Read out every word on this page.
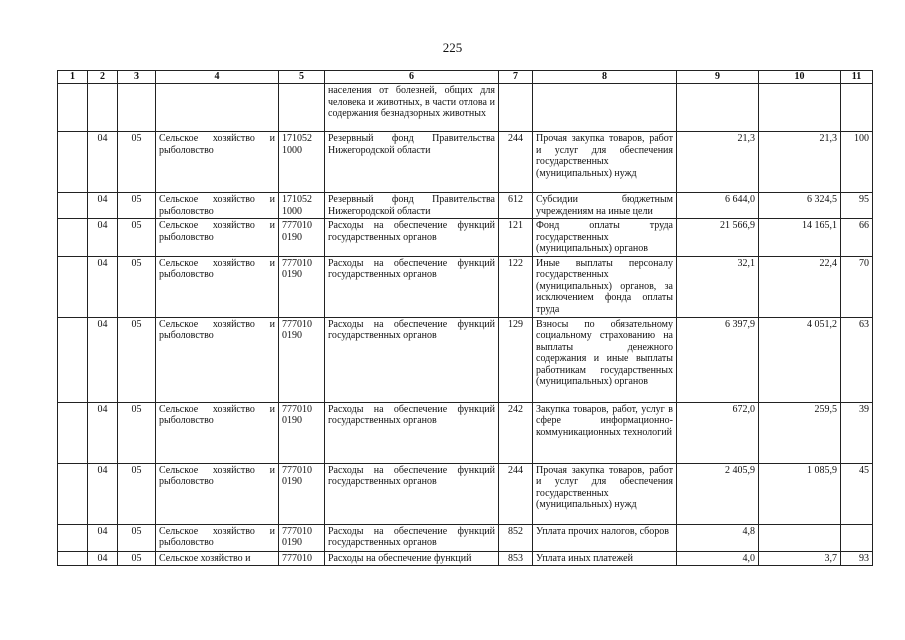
225
1	2	3	4	5	6	7	8	9	10	11
					населения от болезней, общих для человека и животных, в части отлова и содержания безнадзорных животных					
	04	05	Сельское хозяйство и рыболовство	171052 1000	Резервный фонд Правительства Нижегородской области	244	Прочая закупка товаров, работ и услуг для обеспечения государственных (муниципальных) нужд	21,3	21,3	100
	04	05	Сельское хозяйство и рыболовство	171052 1000	Резервный фонд Правительства Нижегородской области	612	Субсидии бюджетным учреждениям на иные цели	6 644,0	6 324,5	95
	04	05	Сельское хозяйство и рыболовство	777010 0190	Расходы на обеспечение функций государственных органов	121	Фонд оплаты труда государственных (муниципальных) органов	21 566,9	14 165,1	66
	04	05	Сельское хозяйство и рыболовство	777010 0190	Расходы на обеспечение функций государственных органов	122	Иные выплаты персоналу государственных (муниципальных) органов, за исключением фонда оплаты труда	32,1	22,4	70
	04	05	Сельское хозяйство и рыболовство	777010 0190	Расходы на обеспечение функций государственных органов	129	Взносы по обязательному социальному страхованию на выплаты денежного содержания и иные выплаты работникам государственных (муниципальных) органов	6 397,9	4 051,2	63
	04	05	Сельское хозяйство и рыболовство	777010 0190	Расходы на обеспечение функций государственных органов	242	Закупка товаров, работ, услуг в сфере информационно-коммуникационных технологий	672,0	259,5	39
	04	05	Сельское хозяйство и рыболовство	777010 0190	Расходы на обеспечение функций государственных органов	244	Прочая закупка товаров, работ и услуг для обеспечения государственных (муниципальных) нужд	2 405,9	1 085,9	45
	04	05	Сельское хозяйство и рыболовство	777010 0190	Расходы на обеспечение функций государственных органов	852	Уплата прочих налогов, сборов	4,8		
	04	05	Сельское хозяйство и	777010	Расходы на обеспечение функций	853	Уплата иных платежей	4,0	3,7	93
